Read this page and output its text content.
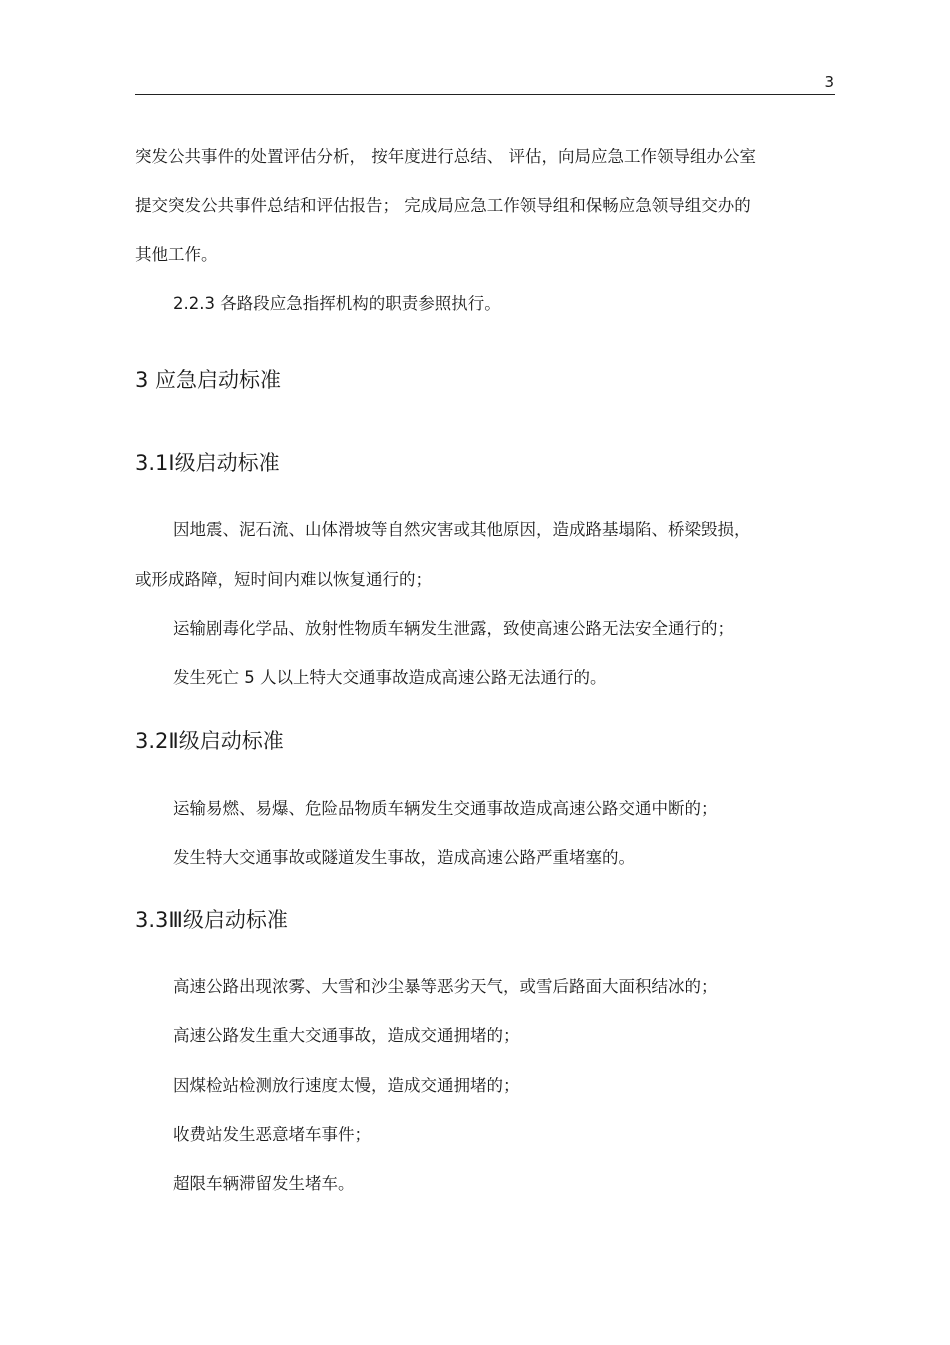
3
突发公共事件的处置评估分析， 按年度进行总结、 评估，向局应急工作领导组办公室
提交突发公共事件总结和评估报告； 完成局应急工作领导组和保畅应急领导组交办的
其他工作。
2.2.3 各路段应急指挥机构的职责参照执行。
3 应急启动标准
3.1Ⅰ级启动标准
因地震、泥石流、山体滑坡等自然灾害或其他原因，造成路基塌陷、桥梁毁损，
或形成路障，短时间内难以恢复通行的；
运输剧毒化学品、放射性物质车辆发生泄露，致使高速公路无法安全通行的；
发生死亡 5 人以上特大交通事故造成高速公路无法通行的。
3.2Ⅱ级启动标准
运输易燃、易爆、危险品物质车辆发生交通事故造成高速公路交通中断的；
发生特大交通事故或隧道发生事故，造成高速公路严重堵塞的。
3.3Ⅲ级启动标准
高速公路出现浓雾、大雪和沙尘暴等恶劣天气，或雪后路面大面积结冰的；
高速公路发生重大交通事故，造成交通拥堵的；
因煤检站检测放行速度太慢，造成交通拥堵的；
收费站发生恶意堵车事件；
超限车辆滞留发生堵车。
